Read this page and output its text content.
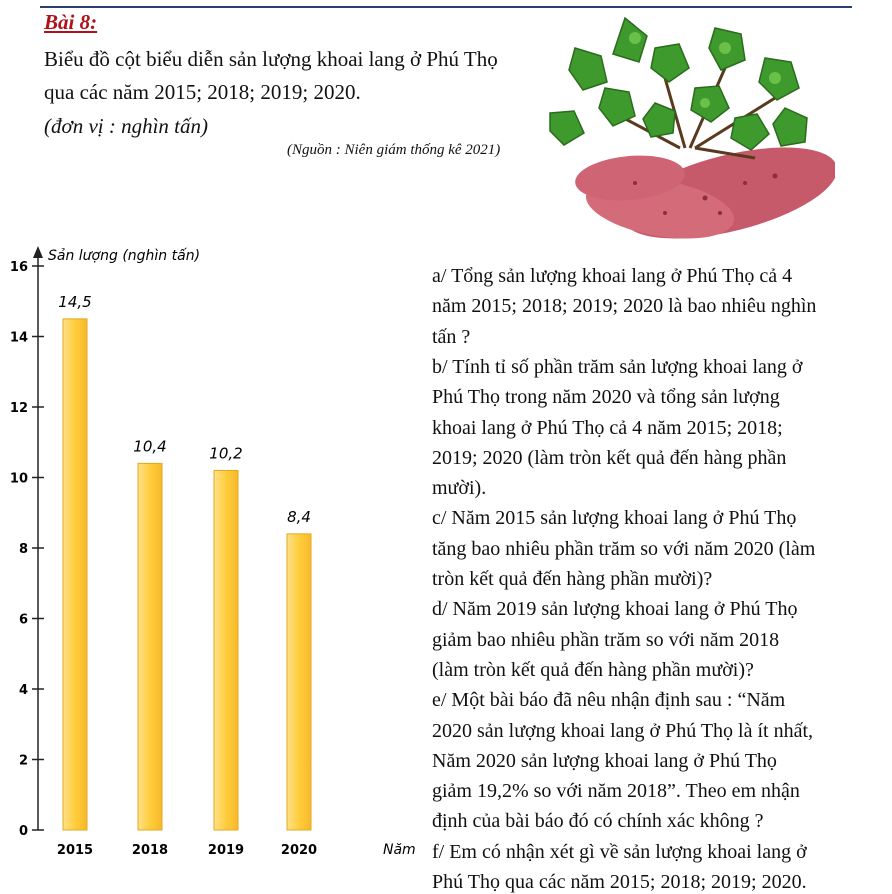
Bài 8:
Biểu đồ cột biểu diễn sản lượng khoai lang ở Phú Thọ
qua các năm 2015; 2018; 2019; 2020.
(đơn vị : nghìn tấn)
(Nguồn : Niên giám thống kê 2021)
0
2
4
6
8
10
12
14
16
14,5
2015
10,4
2018
10,2
2019
8,4
2020
Sản lượng (nghìn tấn)
Năm
a/ Tổng sản lượng khoai lang ở Phú Thọ cả 4
năm 2015; 2018; 2019; 2020 là bao nhiêu nghìn
tấn ?
b/ Tính tỉ số phần trăm sản lượng khoai lang ở
Phú Thọ trong năm 2020 và tổng sản lượng
khoai lang ở Phú Thọ cả 4 năm 2015; 2018;
2019; 2020 (làm tròn kết quả đến hàng phần
mười).
c/ Năm 2015 sản lượng khoai lang ở Phú Thọ
tăng bao nhiêu phần trăm so với năm 2020 (làm
tròn kết quả đến hàng phần mười)?
d/ Năm 2019 sản lượng khoai lang ở Phú Thọ
giảm bao nhiêu phần trăm so với năm 2018
(làm tròn kết quả đến hàng phần mười)?
e/ Một bài báo đã nêu nhận định sau : “Năm
2020 sản lượng khoai lang ở Phú Thọ là ít nhất,
Năm 2020 sản lượng khoai lang ở Phú Thọ
giảm 19,2% so với năm 2018”. Theo em nhận
định của bài báo đó có chính xác không ?
f/ Em có nhận xét gì về sản lượng khoai lang ở
Phú Thọ qua các năm 2015; 2018; 2019; 2020.
